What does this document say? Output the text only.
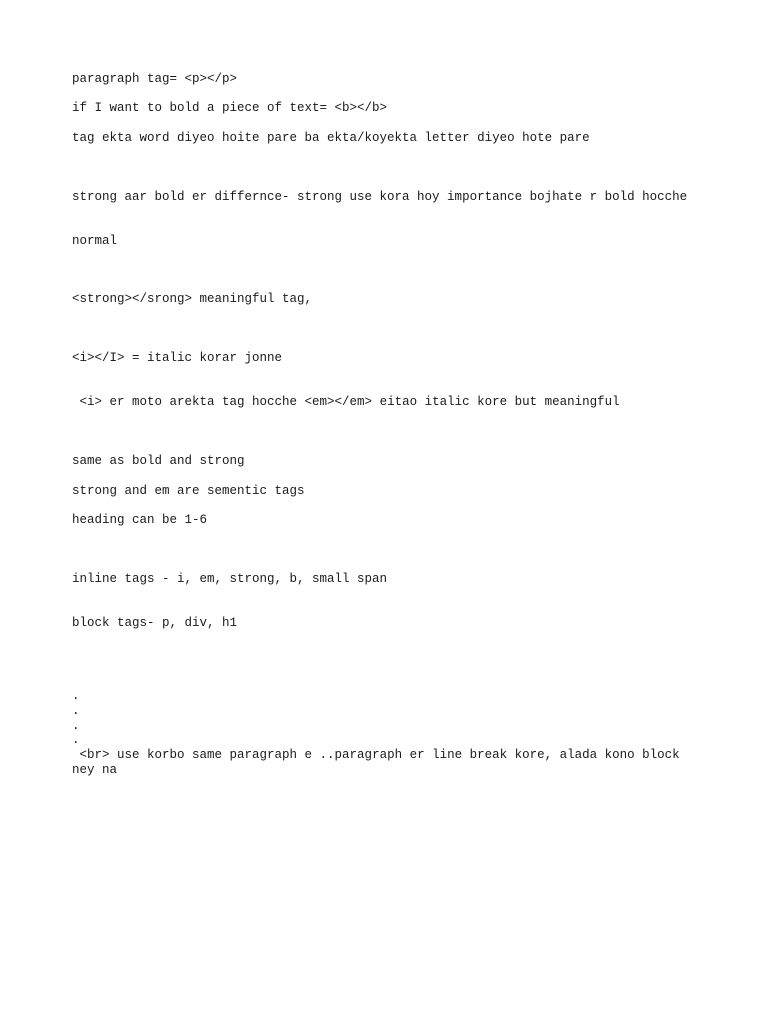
paragraph tag= <p></p>

if I want to bold a piece of text= <b></b>

tag ekta word diyeo hoite pare ba ekta/koyekta letter diyeo hote pare

strong aar bold er differnce- strong use kora hoy importance bojhate r bold hocche

normal

<strong></srong> meaningful tag,

<i></I> = italic korar jonne

<i> er moto arekta tag hocche <em></em> eitao italic kore but meaningful

same as bold and strong

strong and em are sementic tags

heading can be 1-6

inline tags - i, em, strong, b, small span

block tags- p, div, h1

.
.
.
.
<br> use korbo same paragraph e ..paragraph er line break kore, alada kono block
ney na
